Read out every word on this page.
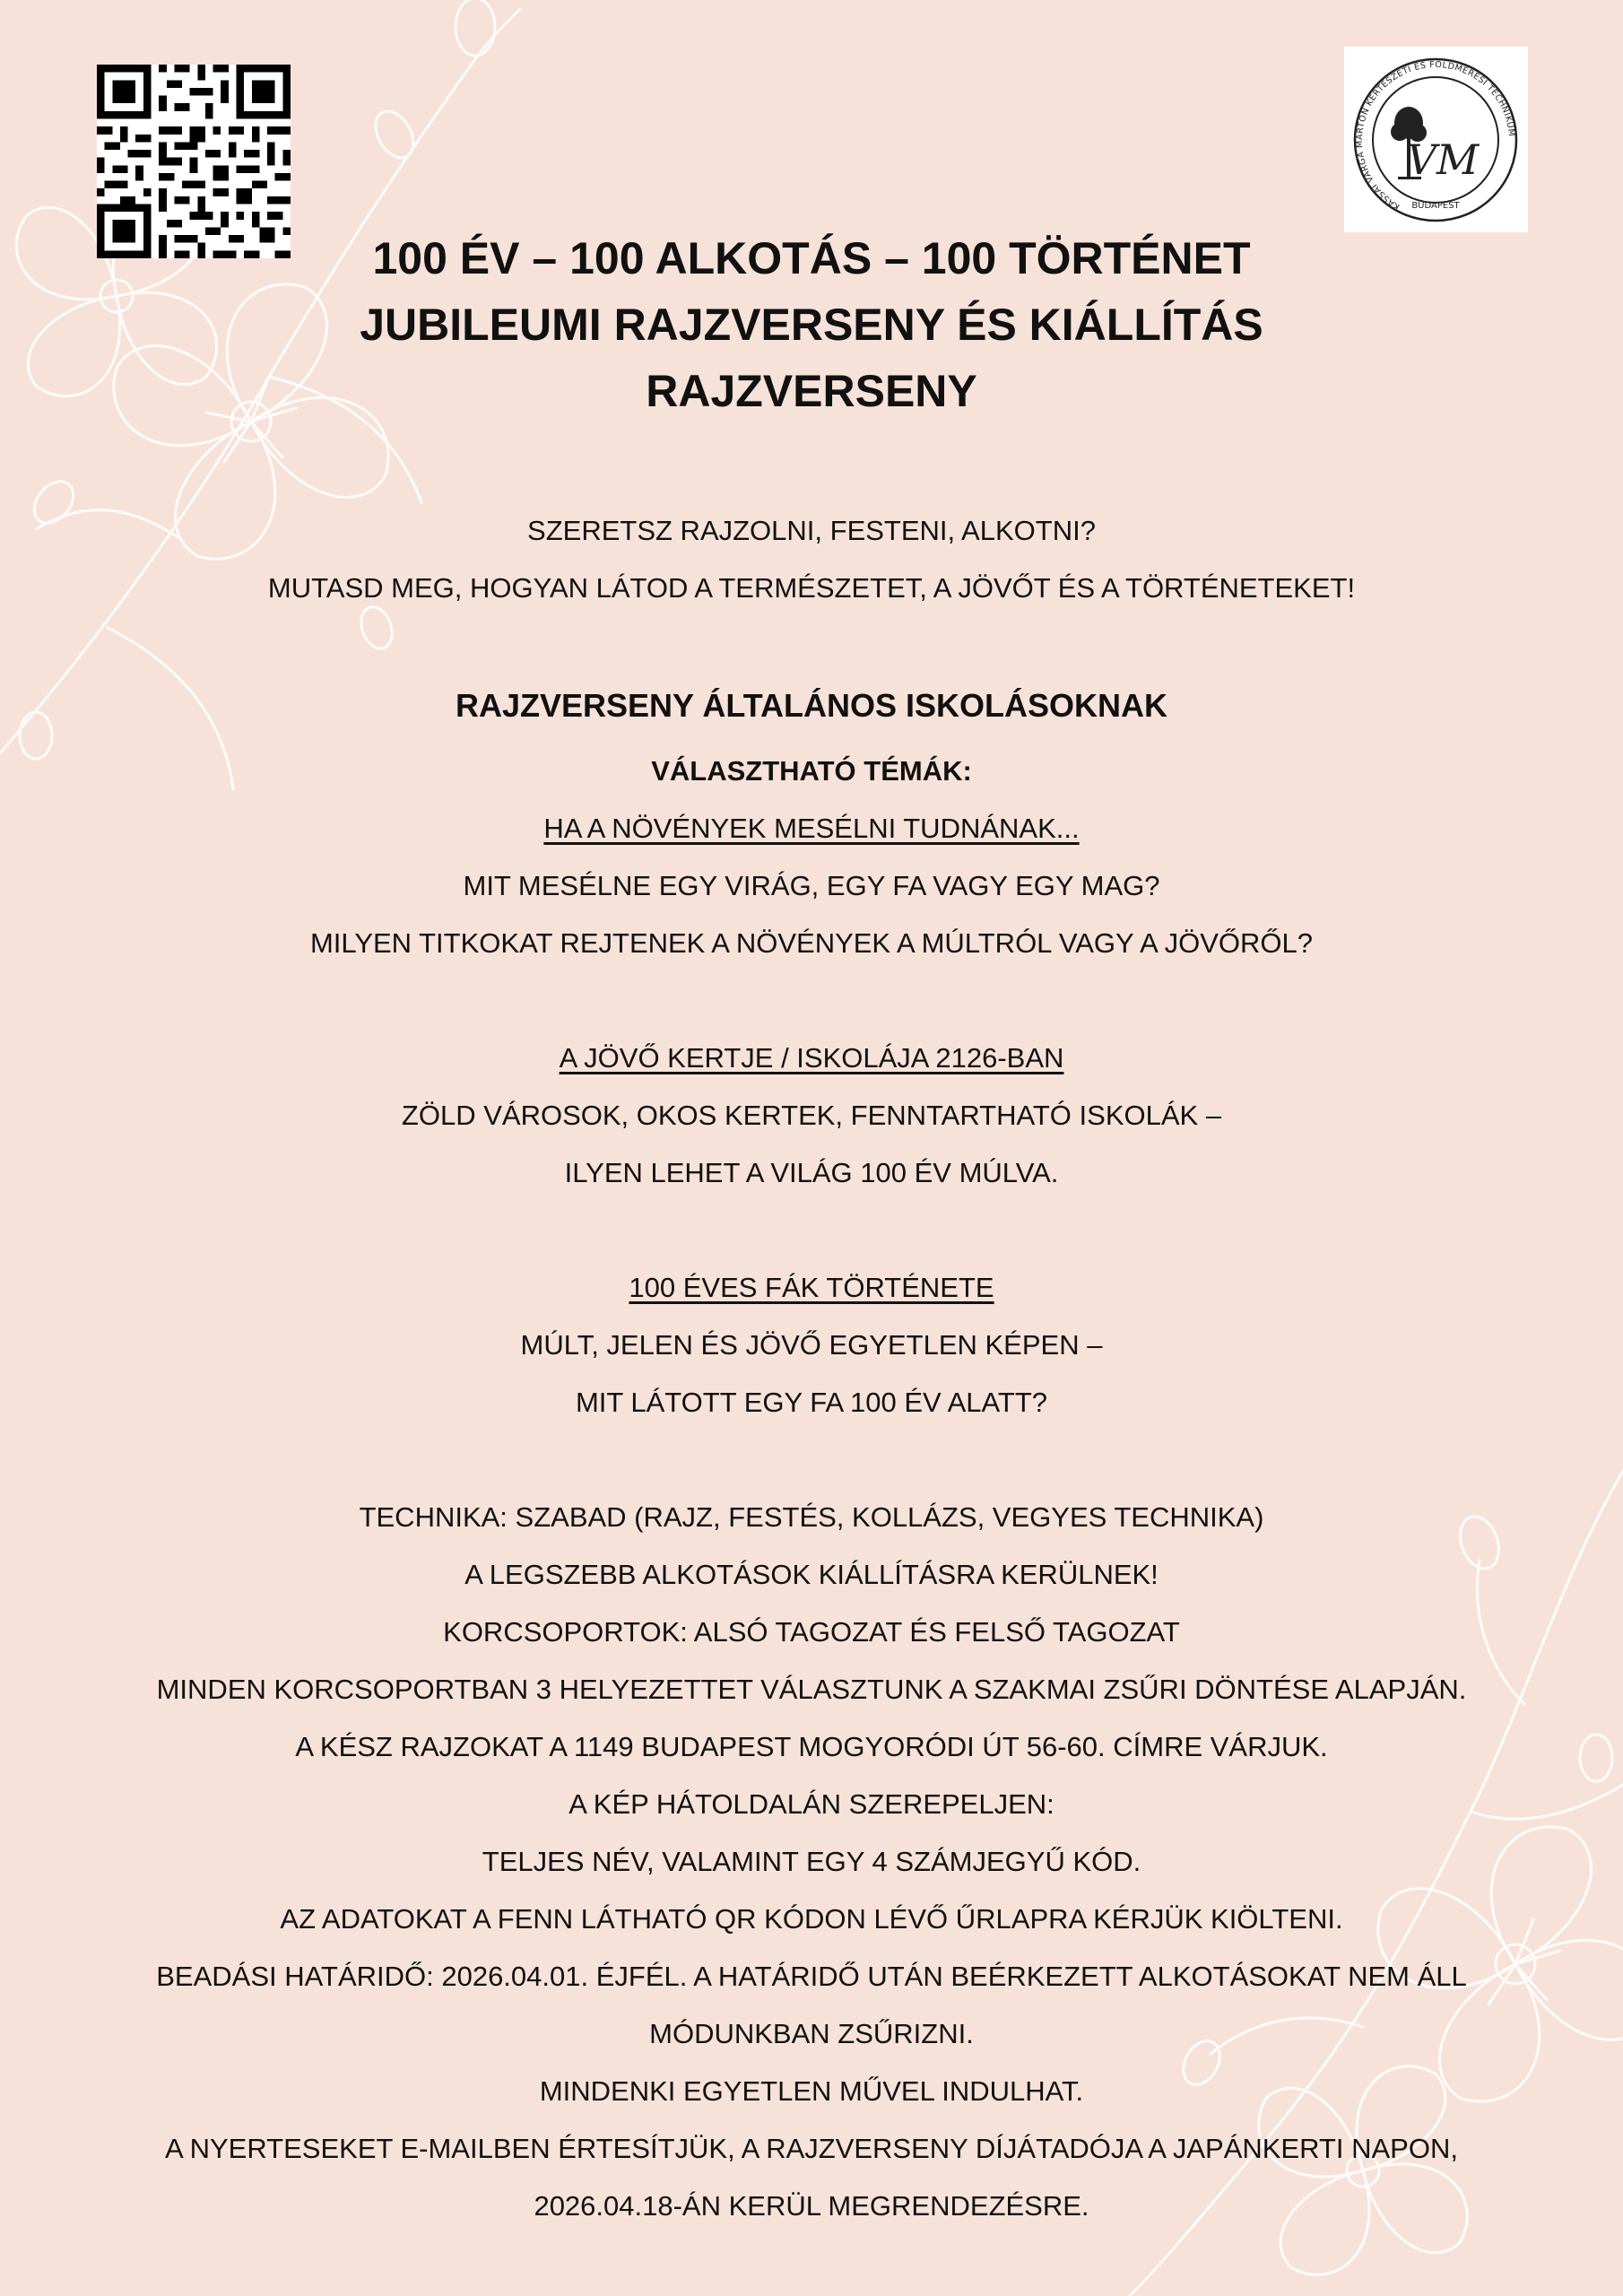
KASSAI VARGA MÁRTON KERTÉSZETI ÉS FÖLDMÉRÉSI TECHNIKUM
BUDAPEST
VM
100 ÉV – 100 ALKOTÁS – 100 TÖRTÉNET
JUBILEUMI RAJZVERSENY ÉS KIÁLLÍTÁS
RAJZVERSENY
SZERETSZ RAJZOLNI, FESTENI, ALKOTNI?
MUTASD MEG, HOGYAN LÁTOD A TERMÉSZETET, A JÖVŐT ÉS A TÖRTÉNETEKET!
RAJZVERSENY ÁLTALÁNOS ISKOLÁSOKNAK
VÁLASZTHATÓ TÉMÁK:
HA A NÖVÉNYEK MESÉLNI TUDNÁNAK...
MIT MESÉLNE EGY VIRÁG, EGY FA VAGY EGY MAG?
MILYEN TITKOKAT REJTENEK A NÖVÉNYEK A MÚLTRÓL VAGY A JÖVŐRŐL?
A JÖVŐ KERTJE / ISKOLÁJA 2126-BAN
ZÖLD VÁROSOK, OKOS KERTEK, FENNTARTHATÓ ISKOLÁK –
ILYEN LEHET A VILÁG 100 ÉV MÚLVA.
100 ÉVES FÁK TÖRTÉNETE
MÚLT, JELEN ÉS JÖVŐ EGYETLEN KÉPEN –
MIT LÁTOTT EGY FA 100 ÉV ALATT?
TECHNIKA: SZABAD (RAJZ, FESTÉS, KOLLÁZS, VEGYES TECHNIKA)
A LEGSZEBB ALKOTÁSOK KIÁLLÍTÁSRA KERÜLNEK!
KORCSOPORTOK: ALSÓ TAGOZAT ÉS FELSŐ TAGOZAT
MINDEN KORCSOPORTBAN 3 HELYEZETTET VÁLASZTUNK A SZAKMAI ZSŰRI DÖNTÉSE ALAPJÁN.
A KÉSZ RAJZOKAT A 1149 BUDAPEST MOGYORÓDI ÚT 56-60. CÍMRE VÁRJUK.
A KÉP HÁTOLDALÁN SZEREPELJEN:
TELJES NÉV, VALAMINT EGY 4 SZÁMJEGYŰ KÓD.
AZ ADATOKAT A FENN LÁTHATÓ QR KÓDON LÉVŐ ŰRLAPRA KÉRJÜK KIÖLTENI.
BEADÁSI HATÁRIDŐ: 2026.04.01. ÉJFÉL. A HATÁRIDŐ UTÁN BEÉRKEZETT ALKOTÁSOKAT NEM ÁLL
MÓDUNKBAN ZSŰRIZNI.
MINDENKI EGYETLEN MŰVEL INDULHAT.
A NYERTESEKET E-MAILBEN ÉRTESÍTJÜK, A RAJZVERSENY DÍJÁTADÓJA A JAPÁNKERTI NAPON,
2026.04.18-ÁN KERÜL MEGRENDEZÉSRE.
